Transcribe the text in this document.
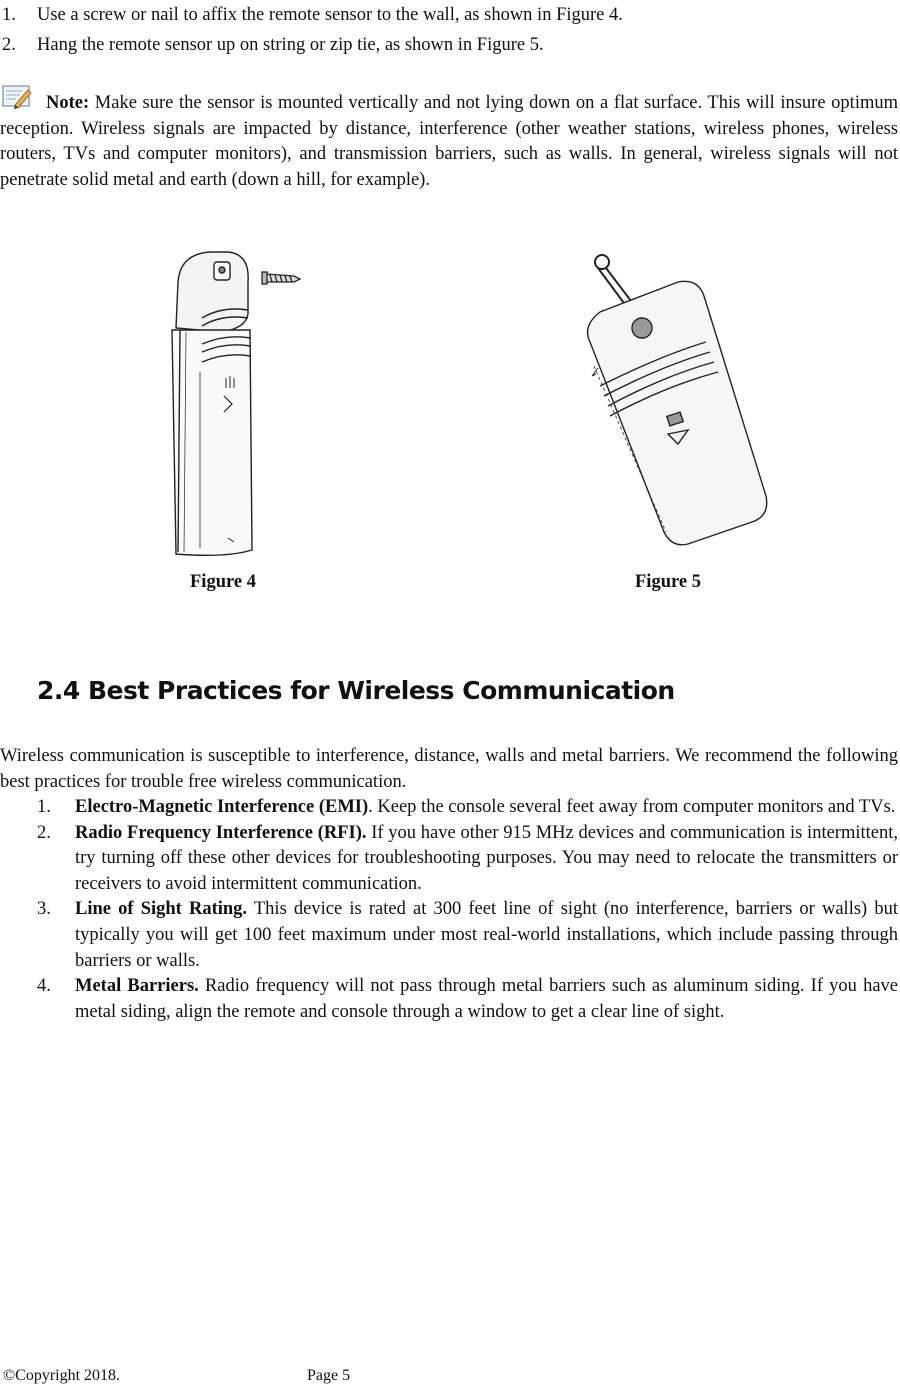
1.	Use a screw or nail to affix the remote sensor to the wall, as shown in Figure 4.
2.	Hang the remote sensor up on string or zip tie, as shown in Figure 5.
Note: Make sure the sensor is mounted vertically and not lying down on a flat surface. This will insure optimum reception. Wireless signals are impacted by distance, interference (other weather stations, wireless phones, wireless routers, TVs and computer monitors), and transmission barriers, such as walls. In general, wireless signals will not penetrate solid metal and earth (down a hill, for example).
Figure 4	Figure 5
2.4 Best Practices for Wireless Communication
Wireless communication is susceptible to interference, distance, walls and metal barriers. We recommend the following best practices for trouble free wireless communication.
1.	Electro-Magnetic Interference (EMI). Keep the console several feet away from computer monitors and TVs.
2.	Radio Frequency Interference (RFI). If you have other 915 MHz devices and communication is intermittent, try turning off these other devices for troubleshooting purposes. You may need to relocate the transmitters or receivers to avoid intermittent communication.
3.	Line of Sight Rating. This device is rated at 300 feet line of sight (no interference, barriers or walls) but typically you will get 100 feet maximum under most real-world installations, which include passing through barriers or walls.
4.	Metal Barriers. Radio frequency will not pass through metal barriers such as aluminum siding. If you have metal siding, align the remote and console through a window to get a clear line of sight.
©Copyright 2018.	Page 5
